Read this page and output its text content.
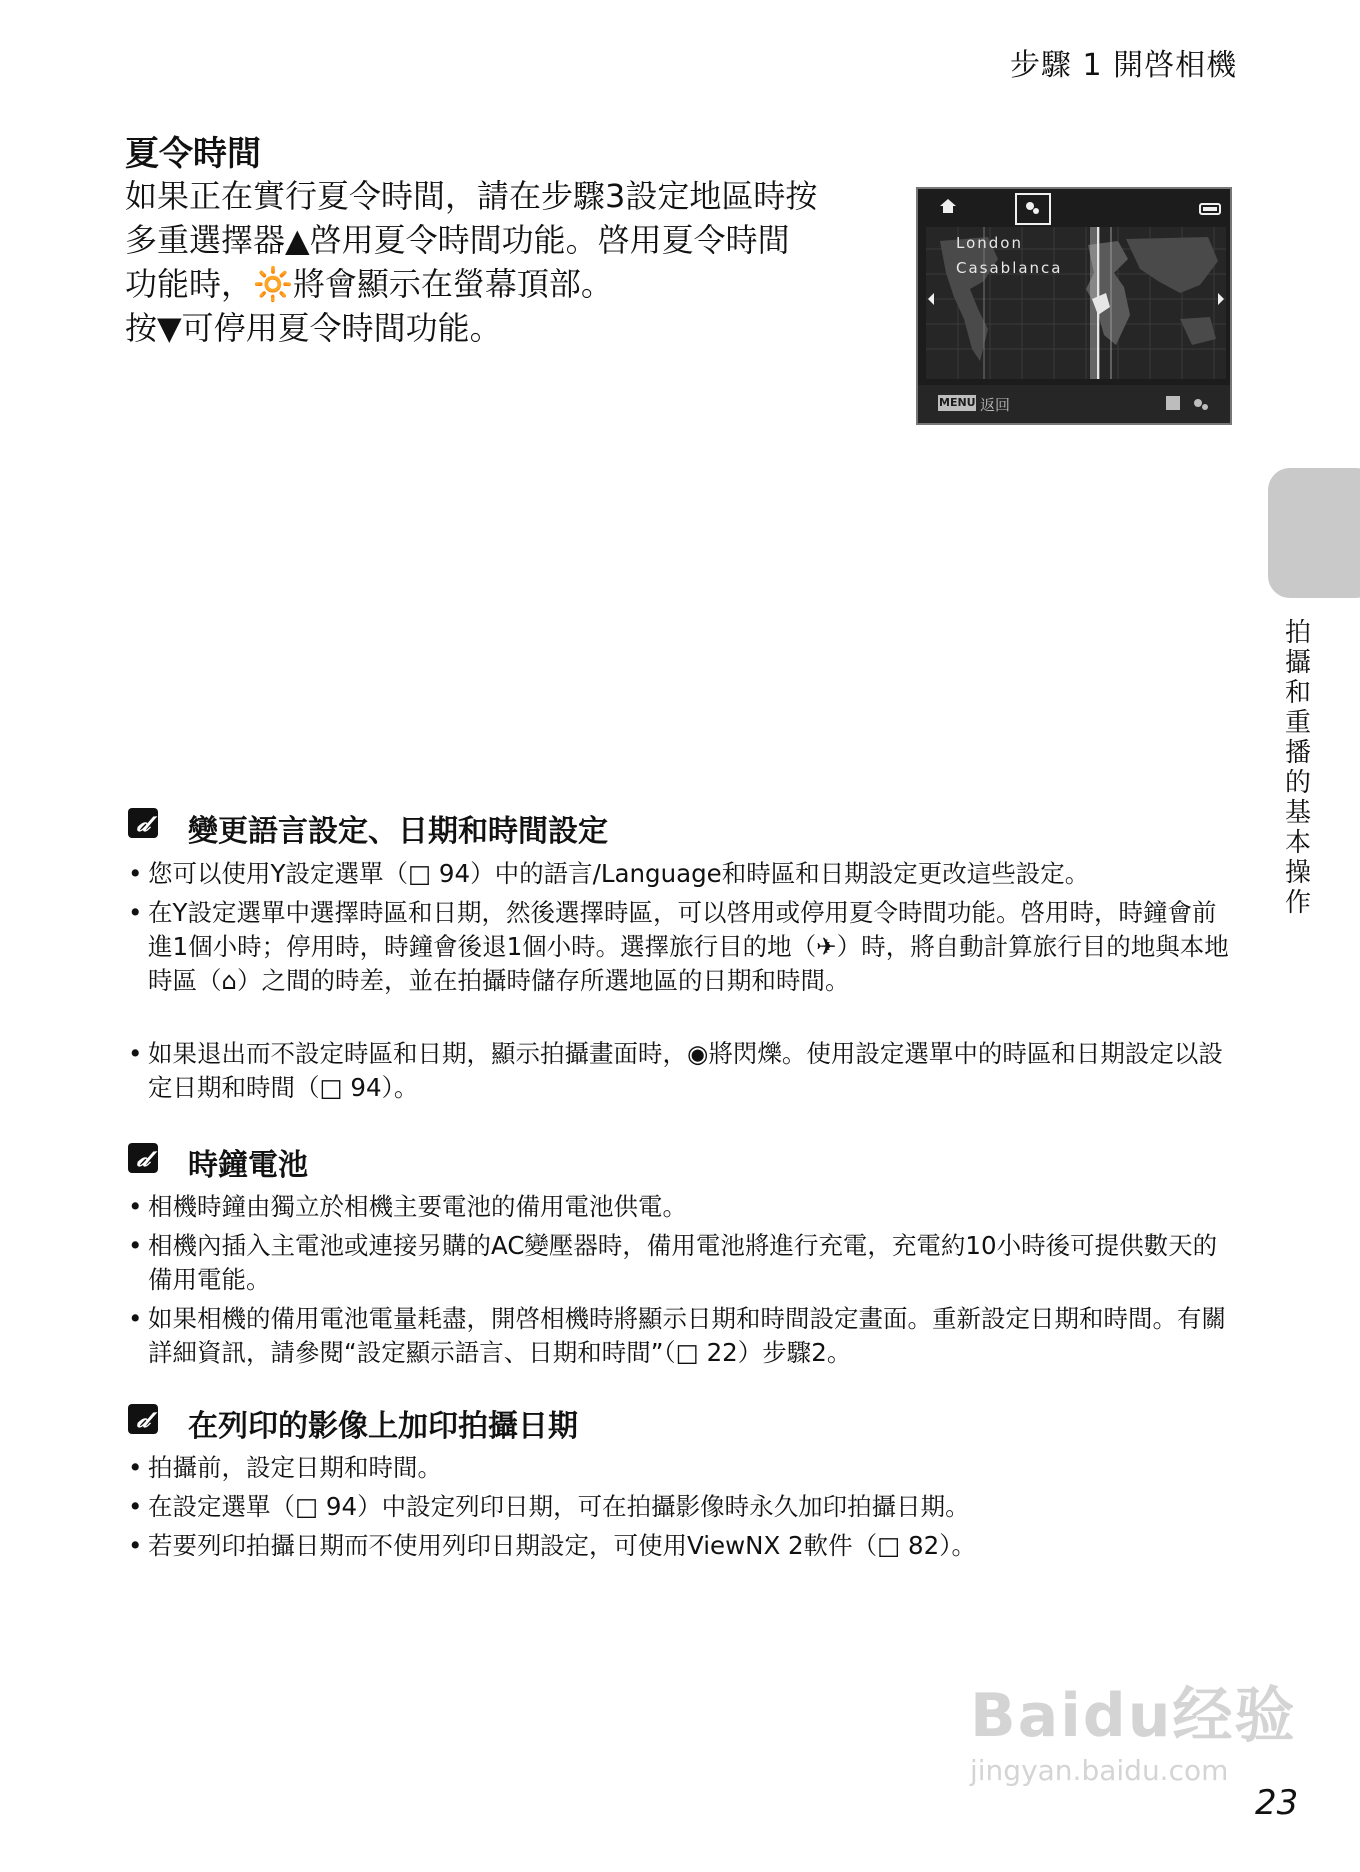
步驟 1 開啓相機
夏令時間
如果正在實行夏令時間，請在步驟3設定地區時按
多重選擇器▲啓用夏令時間功能。啓用夏令時間
功能時，🔆將會顯示在螢幕頂部。
按▼可停用夏令時間功能。
London
Casablanca
MENU 返回
拍
攝
和
重
播
的
基
本
操
作
𝒹 變更語言設定、日期和時間設定
• 您可以使用Y設定選單（□ 94）中的語言/Language和時區和日期設定更改這些設定。
• 在Y設定選單中選擇時區和日期，然後選擇時區，可以啓用或停用夏令時間功能。啓用時，時鐘會前進1個小時；停用時，時鐘會後退1個小時。選擇旅行目的地（✈）時，將自動計算旅行目的地與本地時區（⌂）之間的時差，並在拍攝時儲存所選地區的日期和時間。
• 如果退出而不設定時區和日期，顯示拍攝畫面時，◉將閃爍。使用設定選單中的時區和日期設定以設定日期和時間（□ 94）。
𝒹 時鐘電池
• 相機時鐘由獨立於相機主要電池的備用電池供電。
• 相機內插入主電池或連接另購的AC變壓器時，備用電池將進行充電，充電約10小時後可提供數天的備用電能。
• 如果相機的備用電池電量耗盡，開啓相機時將顯示日期和時間設定畫面。重新設定日期和時間。有關詳細資訊，請參閱“設定顯示語言、日期和時間”（□ 22）步驟2。
𝒹 在列印的影像上加印拍攝日期
• 拍攝前，設定日期和時間。
• 在設定選單（□ 94）中設定列印日期，可在拍攝影像時永久加印拍攝日期。
• 若要列印拍攝日期而不使用列印日期設定，可使用ViewNX 2軟件（□ 82）。
Baidu经验
jingyan.baidu.com
23
